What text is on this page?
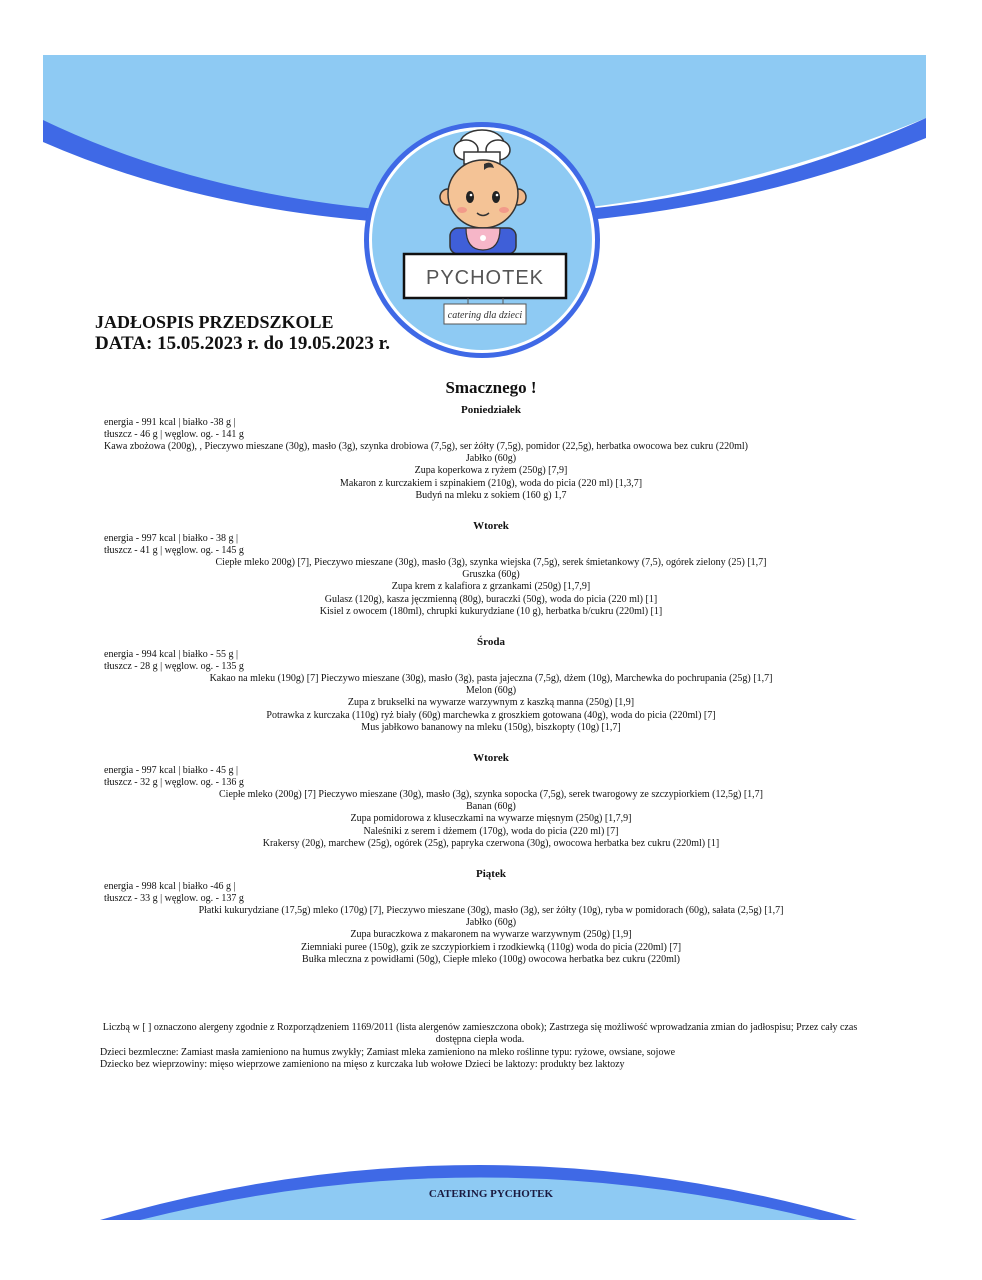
PYCHOTEK
catering dla dzieci
JADŁOSPIS PRZEDSZKOLE
DATA: 15.05.2023 r. do 19.05.2023 r.
Smacznego !
Poniedziałek
energia - 991 kcal | białko -38 g |
tłuszcz - 46 g | węglow. og. - 141 g
Kawa zbożowa (200g), , Pieczywo mieszane (30g), masło (3g), szynka drobiowa (7,5g), ser żółty (7,5g), pomidor (22,5g), herbatka owocowa bez cukru (220ml)
Jabłko (60g)
Zupa koperkowa z ryżem (250g) [7,9]
Makaron z kurczakiem i szpinakiem (210g), woda do picia (220 ml) [1,3,7]
Budyń na mleku z sokiem (160 g) 1,7
Wtorek
energia - 997 kcal | białko - 38 g |
tłuszcz - 41 g | węglow. og. - 145 g
Ciepłe mleko 200g) [7], Pieczywo mieszane (30g), masło (3g), szynka wiejska (7,5g), serek śmietankowy (7,5), ogórek zielony (25) [1,7]
Gruszka (60g)
Zupa krem z kalafiora z grzankami (250g) [1,7,9]
Gulasz (120g), kasza jęczmienną (80g), buraczki (50g), woda do picia (220 ml) [1]
Kisiel z owocem (180ml), chrupki kukurydziane (10 g), herbatka b/cukru (220ml) [1]
Środa
energia - 994 kcal | białko - 55 g |
tłuszcz - 28 g | węglow. og. - 135 g
Kakao na mleku (190g) [7] Pieczywo mieszane (30g), masło (3g), pasta jajeczna (7,5g), dżem (10g), Marchewka do pochrupania (25g) [1,7]
Melon (60g)
Zupa z brukselki na wywarze warzywnym z kaszką manna (250g) [1,9]
Potrawka z kurczaka (110g) ryż biały (60g) marchewka z groszkiem gotowana (40g), woda do picia (220ml) [7]
Mus jabłkowo bananowy na mleku (150g), biszkopty (10g) [1,7]
Wtorek
energia - 997 kcal | białko - 45 g |
tłuszcz - 32 g | węglow. og. - 136 g
Ciepłe mleko (200g) [7] Pieczywo mieszane (30g), masło (3g), szynka sopocka (7,5g), serek twarogowy ze szczypiorkiem (12,5g) [1,7]
Banan (60g)
Zupa pomidorowa z kluseczkami na wywarze mięsnym (250g) [1,7,9]
Naleśniki z serem i dżemem (170g), woda do picia (220 ml) [7]
Krakersy (20g), marchew (25g), ogórek (25g), papryka czerwona (30g), owocowa herbatka bez cukru (220ml) [1]
Piątek
energia - 998 kcal | białko -46 g |
tłuszcz - 33 g | węglow. og. - 137 g
Płatki kukurydziane (17,5g) mleko (170g) [7], Pieczywo mieszane (30g), masło (3g), ser żółty (10g), ryba w pomidorach (60g), sałata (2,5g) [1,7]
Jabłko (60g)
Zupa buraczkowa z makaronem na wywarze warzywnym (250g) [1,9]
Ziemniaki puree (150g), gzik ze szczypiorkiem i rzodkiewką (110g) woda do picia (220ml) [7]
Bułka mleczna z powidłami (50g), Ciepłe mleko (100g) owocowa herbatka bez cukru (220ml)
Liczbą w [ ] oznaczono alergeny zgodnie z Rozporządzeniem 1169/2011 (lista alergenów zamieszczona obok); Zastrzega się możliwość wprowadzania zmian do jadłospisu; Przez cały czas dostępna ciepła woda.
Dzieci bezmleczne: Zamiast masła zamieniono na humus zwykły; Zamiast mleka zamieniono na mleko roślinne typu: ryżowe, owsiane, sojowe
Dziecko bez wieprzowiny: mięso wieprzowe zamieniono na mięso z kurczaka lub wołowe Dzieci be laktozy: produkty bez laktozy
CATERING PYCHOTEK
